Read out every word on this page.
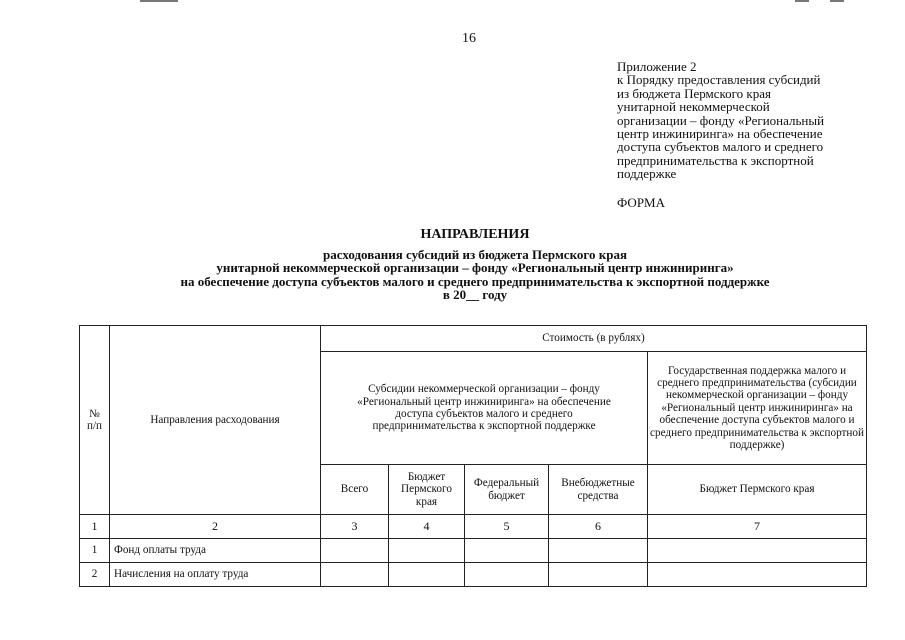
16
Приложение 2
к Порядку предоставления субсидий
из бюджета Пермского края
унитарной некоммерческой
организации – фонду «Региональный
центр инжиниринга» на обеспечение
доступа субъектов малого и среднего
предпринимательства к экспортной
поддержке
ФОРМА
НАПРАВЛЕНИЯ
расходования субсидий из бюджета Пермского края
унитарной некоммерческой организации – фонду «Региональный центр инжиниринга»
на обеспечение доступа субъектов малого и среднего предпринимательства к экспортной поддержке
в 20__ году
№
п/п	Направления расходования	Стоимость (в рублях)				

		Субсидии некоммерческой организации – фонду «Региональный центр инжиниринга» на обеспечение доступа субъектов малого и среднего предпринимательства к экспортной поддержке				Государственная поддержка малого и среднего предпринимательства (субсидии некоммерческой организации – фонду «Региональный центр инжиниринга» на обеспечение доступа субъектов малого и среднего предпринимательства к экспортной поддержке)
		Всего	Бюджет Пермского края	Федеральный бюджет	Внебюджетные средства	Бюджет Пермского края
1	2	3	4	5	6	7
1	Фонд оплаты труда					
2	Начисления на оплату труда					
